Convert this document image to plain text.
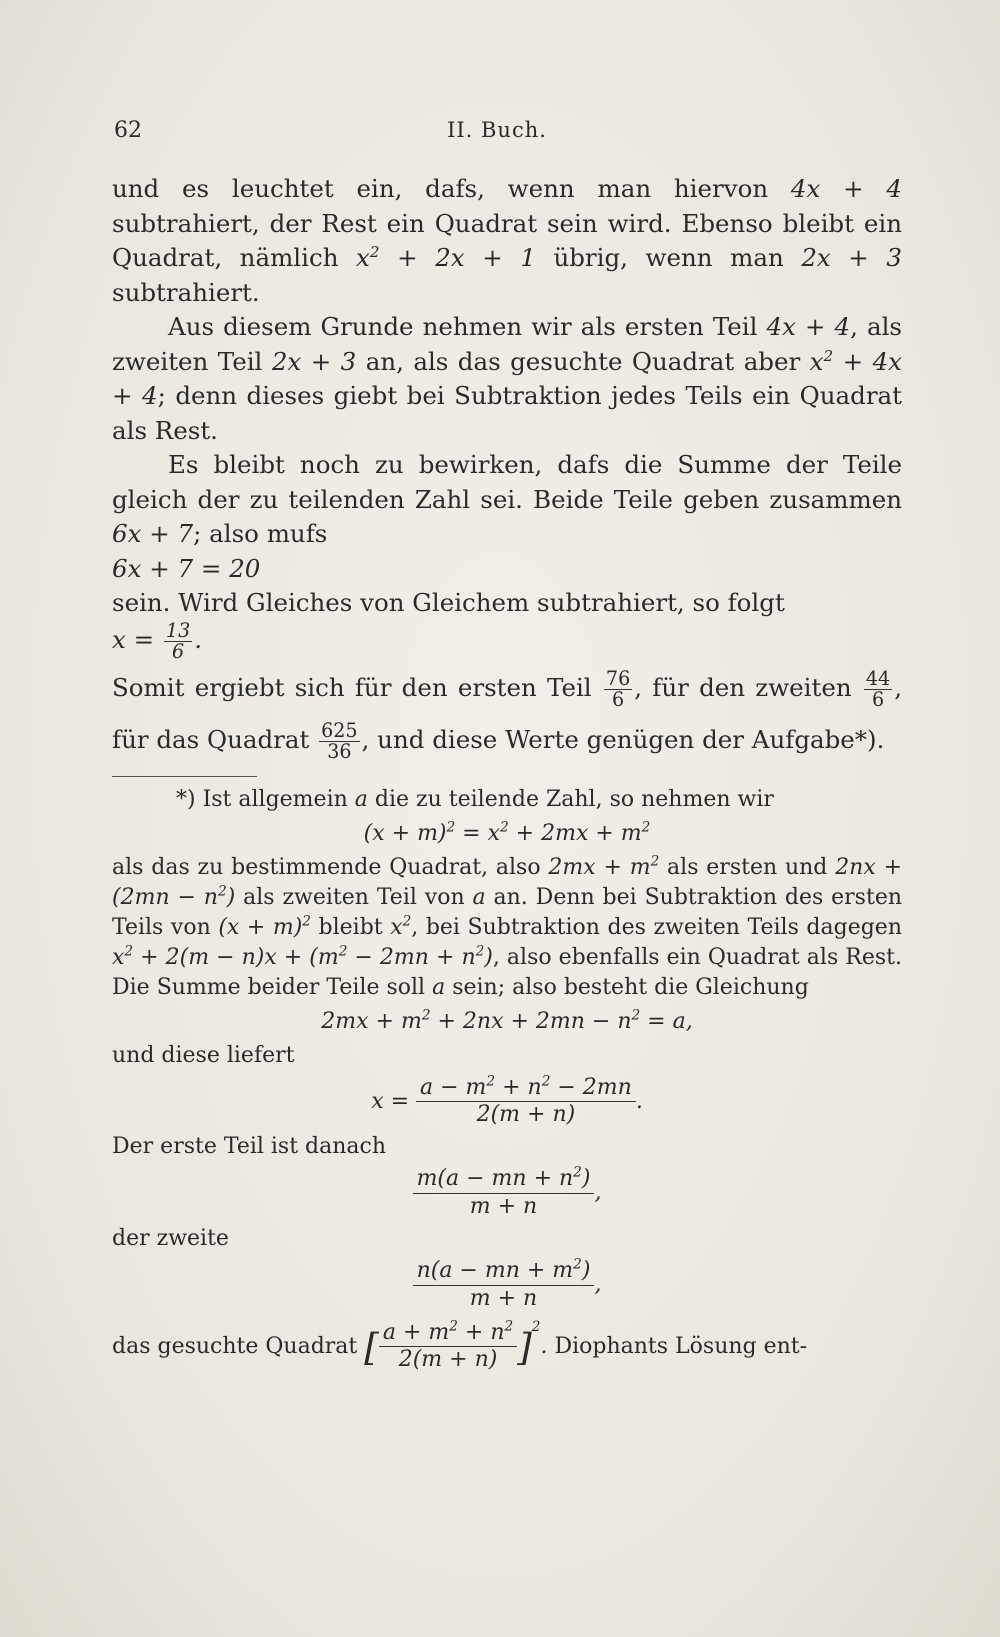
62	II. Buch.

und es leuchtet ein, dafs, wenn man hiervon 4x + 4 subtrahiert, der Rest ein Quadrat sein wird. Ebenso bleibt ein Quadrat, nämlich $x^2 + 2x + 1$ übrig, wenn man 2x + 3 subtrahiert.

Aus diesem Grunde nehmen wir als ersten Teil 4x + 4, als zweiten Teil 2x + 3 an, als das gesuchte Quadrat aber $x^2 + 4x + 4$; denn dieses giebt bei Subtraktion jedes Teils ein Quadrat als Rest.

Es bleibt noch zu bewirken, dafs die Summe der Teile gleich der zu teilenden Zahl sei. Beide Teile geben zusammen 6x + 7; also mufs

6x + 7 = 20

sein. Wird Gleiches von Gleichem subtrahiert, so folgt

$x = \frac{13}{6}$ .

Somit ergiebt sich für den ersten Teil $\frac{76}{6}$ , für den zweiten $\frac{44}{6}$ , für das Quadrat $\frac{625}{36}$ , und diese Werte genügen der Aufgabe*).

*) Ist allgemein a die zu teilende Zahl, so nehmen wir

$(x + m)^2 = x^2 + 2mx + m^2$

als das zu bestimmende Quadrat, also $2mx + m^2$ als ersten und $2nx + (2mn - n^2)$ als zweiten Teil von a an. Denn bei Subtraktion des ersten Teils von $(x + m)^2$ bleibt $x^2$, bei Subtraktion des zweiten Teils dagegen $x^2 + 2(m - n)x + (m^2 - 2mn + n^2)$, also ebenfalls ein Quadrat als Rest. Die Summe beider Teile soll a sein; also besteht die Gleichung

$2mx + m^2 + 2nx + 2mn - n^2 = a$,

und diese liefert

$x = \frac{a - m^2 + n^2 - 2mn}{2(m + n)}$ .

Der erste Teil ist danach

$\frac{m(a - mn + n^2)}{m + n}$ ,

der zweite

$\frac{n(a - mn + m^2)}{m + n}$ ,

das gesuchte Quadrat [ $\frac{a + m^2 + n^2}{2(m + n)} ]^2$. Diophants Lösung ent-
